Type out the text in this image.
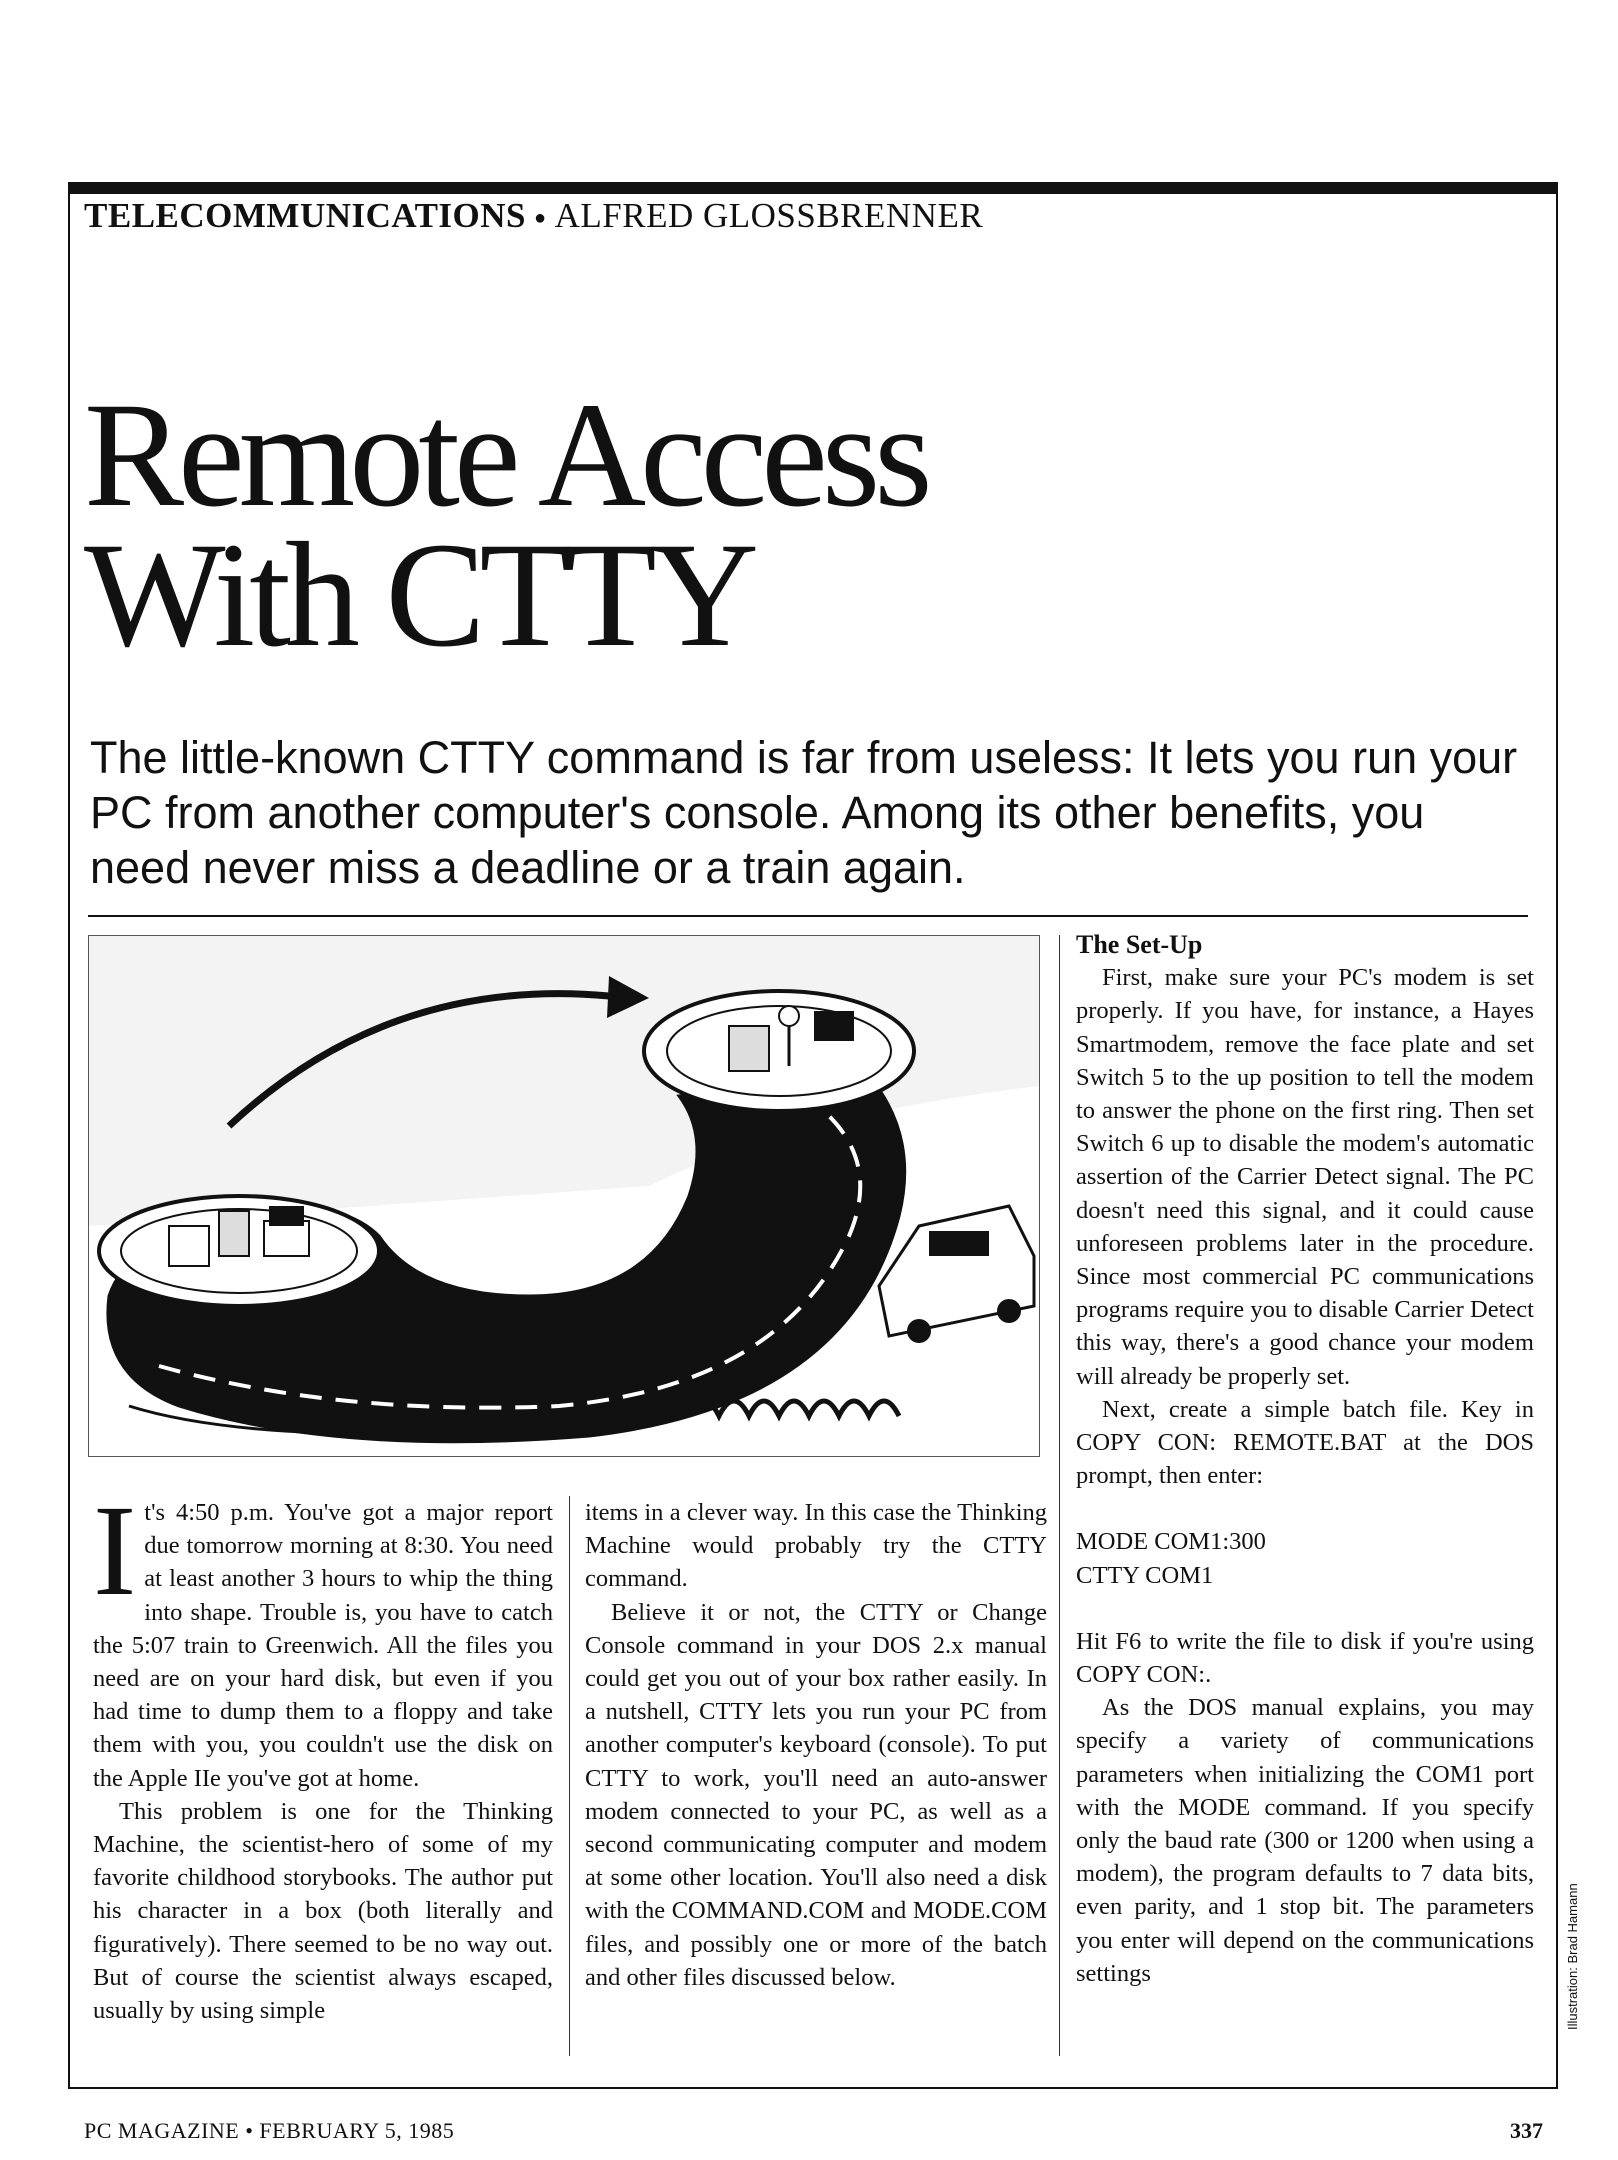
TELECOMMUNICATIONS ● ALFRED GLOSSBRENNER
Remote Access
With CTTY
The little-known CTTY command is far from useless: It lets you run your PC from another computer's console. Among its other benefits, you need never miss a deadline or a train again.

It's 4:50 p.m. You've got a major report due tomorrow morning at 8:30. You need at least another 3 hours to whip the thing into shape. Trouble is, you have to catch the 5:07 train to Greenwich. All the files you need are on your hard disk, but even if you had time to dump them to a floppy and take them with you, you couldn't use the disk on the Apple IIe you've got at home.

This problem is one for the Thinking Machine, the scientist-hero of some of my favorite childhood storybooks. The author put his character in a box (both literally and figuratively). There seemed to be no way out. But of course the scientist always escaped, usually by using simple

items in a clever way. In this case the Thinking Machine would probably try the CTTY command.

Believe it or not, the CTTY or Change Console command in your DOS 2.x manual could get you out of your box rather easily. In a nutshell, CTTY lets you run your PC from another computer's keyboard (console). To put CTTY to work, you'll need an auto-answer modem connected to your PC, as well as a second communicating computer and modem at some other location. You'll also need a disk with the COMMAND.COM and MODE.COM files, and possibly one or more of the batch and other files discussed below.

The Set-Up

First, make sure your PC's modem is set properly. If you have, for instance, a Hayes Smartmodem, remove the face plate and set Switch 5 to the up position to tell the modem to answer the phone on the first ring. Then set Switch 6 up to disable the modem's automatic assertion of the Carrier Detect signal. The PC doesn't need this signal, and it could cause unforeseen problems later in the procedure. Since most commercial PC communications programs require you to disable Carrier Detect this way, there's a good chance your modem will already be properly set.

Next, create a simple batch file. Key in COPY CON: REMOTE.BAT at the DOS prompt, then enter:

MODE COM1:300

CTTY COM1

Hit F6 to write the file to disk if you're using COPY CON:.

As the DOS manual explains, you may specify a variety of communications parameters when initializing the COM1 port with the MODE command. If you specify only the baud rate (300 or 1200 when using a modem), the program defaults to 7 data bits, even parity, and 1 stop bit. The parameters you enter will depend on the communications settings	Illustration: Brad Hamann
PC MAGAZINE • FEBRUARY 5, 1985	337
